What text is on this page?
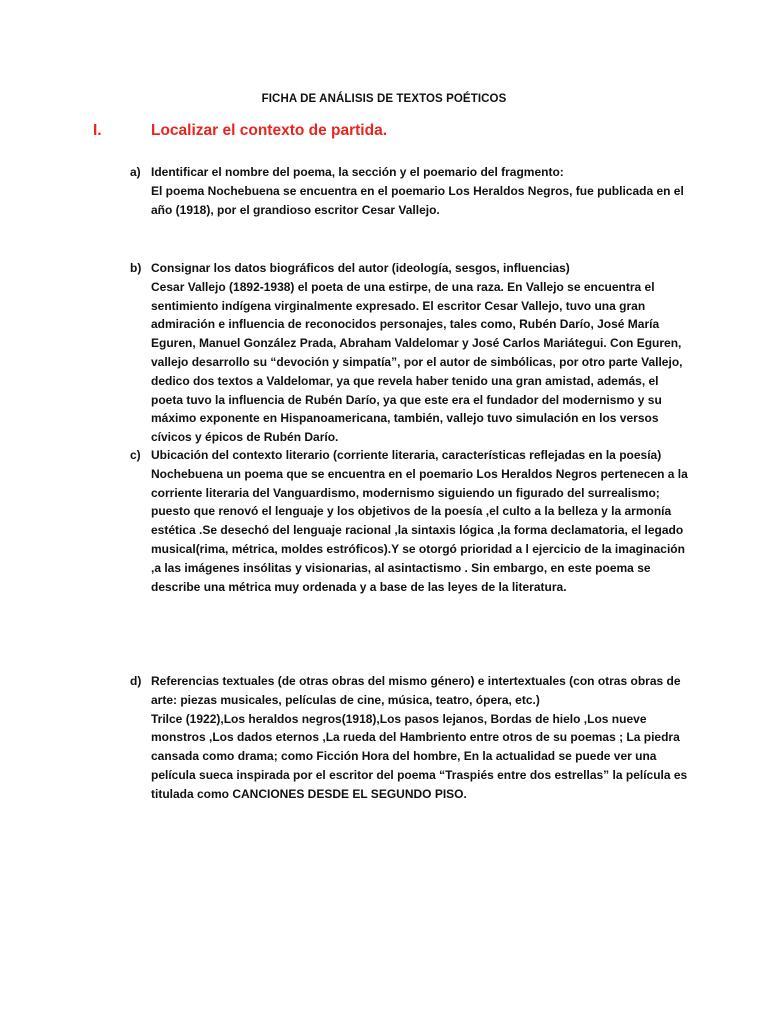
FICHA DE ANÁLISIS DE TEXTOS POÉTICOS
I.	Localizar el contexto de partida.
a) Identificar el nombre del poema, la sección y el poemario del fragmento:
El poema Nochebuena se encuentra en el poemario Los Heraldos Negros, fue publicada en el año (1918), por el grandioso escritor Cesar Vallejo.
b) Consignar los datos biográficos del autor (ideología, sesgos, influencias)
Cesar Vallejo (1892-1938) el poeta de una estirpe, de una raza. En Vallejo se encuentra el sentimiento indígena virginalmente expresado. El escritor Cesar Vallejo, tuvo una gran admiración e influencia de reconocidos personajes, tales como, Rubén Darío, José María Eguren, Manuel González Prada, Abraham Valdelomar y José Carlos Mariátegui. Con Eguren, vallejo desarrollo su “devoción y simpatía”, por el autor de simbólicas, por otro parte Vallejo, dedico dos textos a Valdelomar, ya que revela haber tenido una gran amistad, además, el poeta tuvo la influencia de Rubén Darío, ya que este era el fundador del modernismo y su máximo exponente en Hispanoamericana, también, vallejo tuvo simulación en los versos cívicos y épicos de Rubén Darío.
c) Ubicación del contexto literario (corriente literaria, características reflejadas en la poesía)
Nochebuena un poema que se encuentra en el poemario Los Heraldos Negros pertenecen a la corriente literaria del Vanguardismo, modernismo siguiendo un figurado del surrealismo; puesto que renovó el lenguaje y los objetivos de la poesía ,el culto a la belleza y la armonía estética .Se desechó del lenguaje racional ,la sintaxis lógica ,la forma declamatoria, el legado musical(rima, métrica, moldes estróficos).Y se otorgó prioridad a l ejercicio de la imaginación ,a las imágenes insólitas y visionarias, al asintactismo . Sin embargo, en este poema se describe una métrica muy ordenada y a base de las leyes de la literatura.
d) Referencias textuales (de otras obras del mismo género) e intertextuales (con otras obras de arte: piezas musicales, películas de cine, música, teatro, ópera, etc.)
Trilce (1922),Los heraldos negros(1918),Los pasos lejanos, Bordas de hielo ,Los nueve monstros ,Los dados eternos ,La rueda del Hambriento entre otros de su poemas ; La piedra cansada como drama; como Ficción Hora del hombre, En la actualidad se puede ver una película sueca inspirada por el escritor del poema “Traspiés entre dos estrellas” la película es titulada como CANCIONES DESDE EL SEGUNDO PISO.
